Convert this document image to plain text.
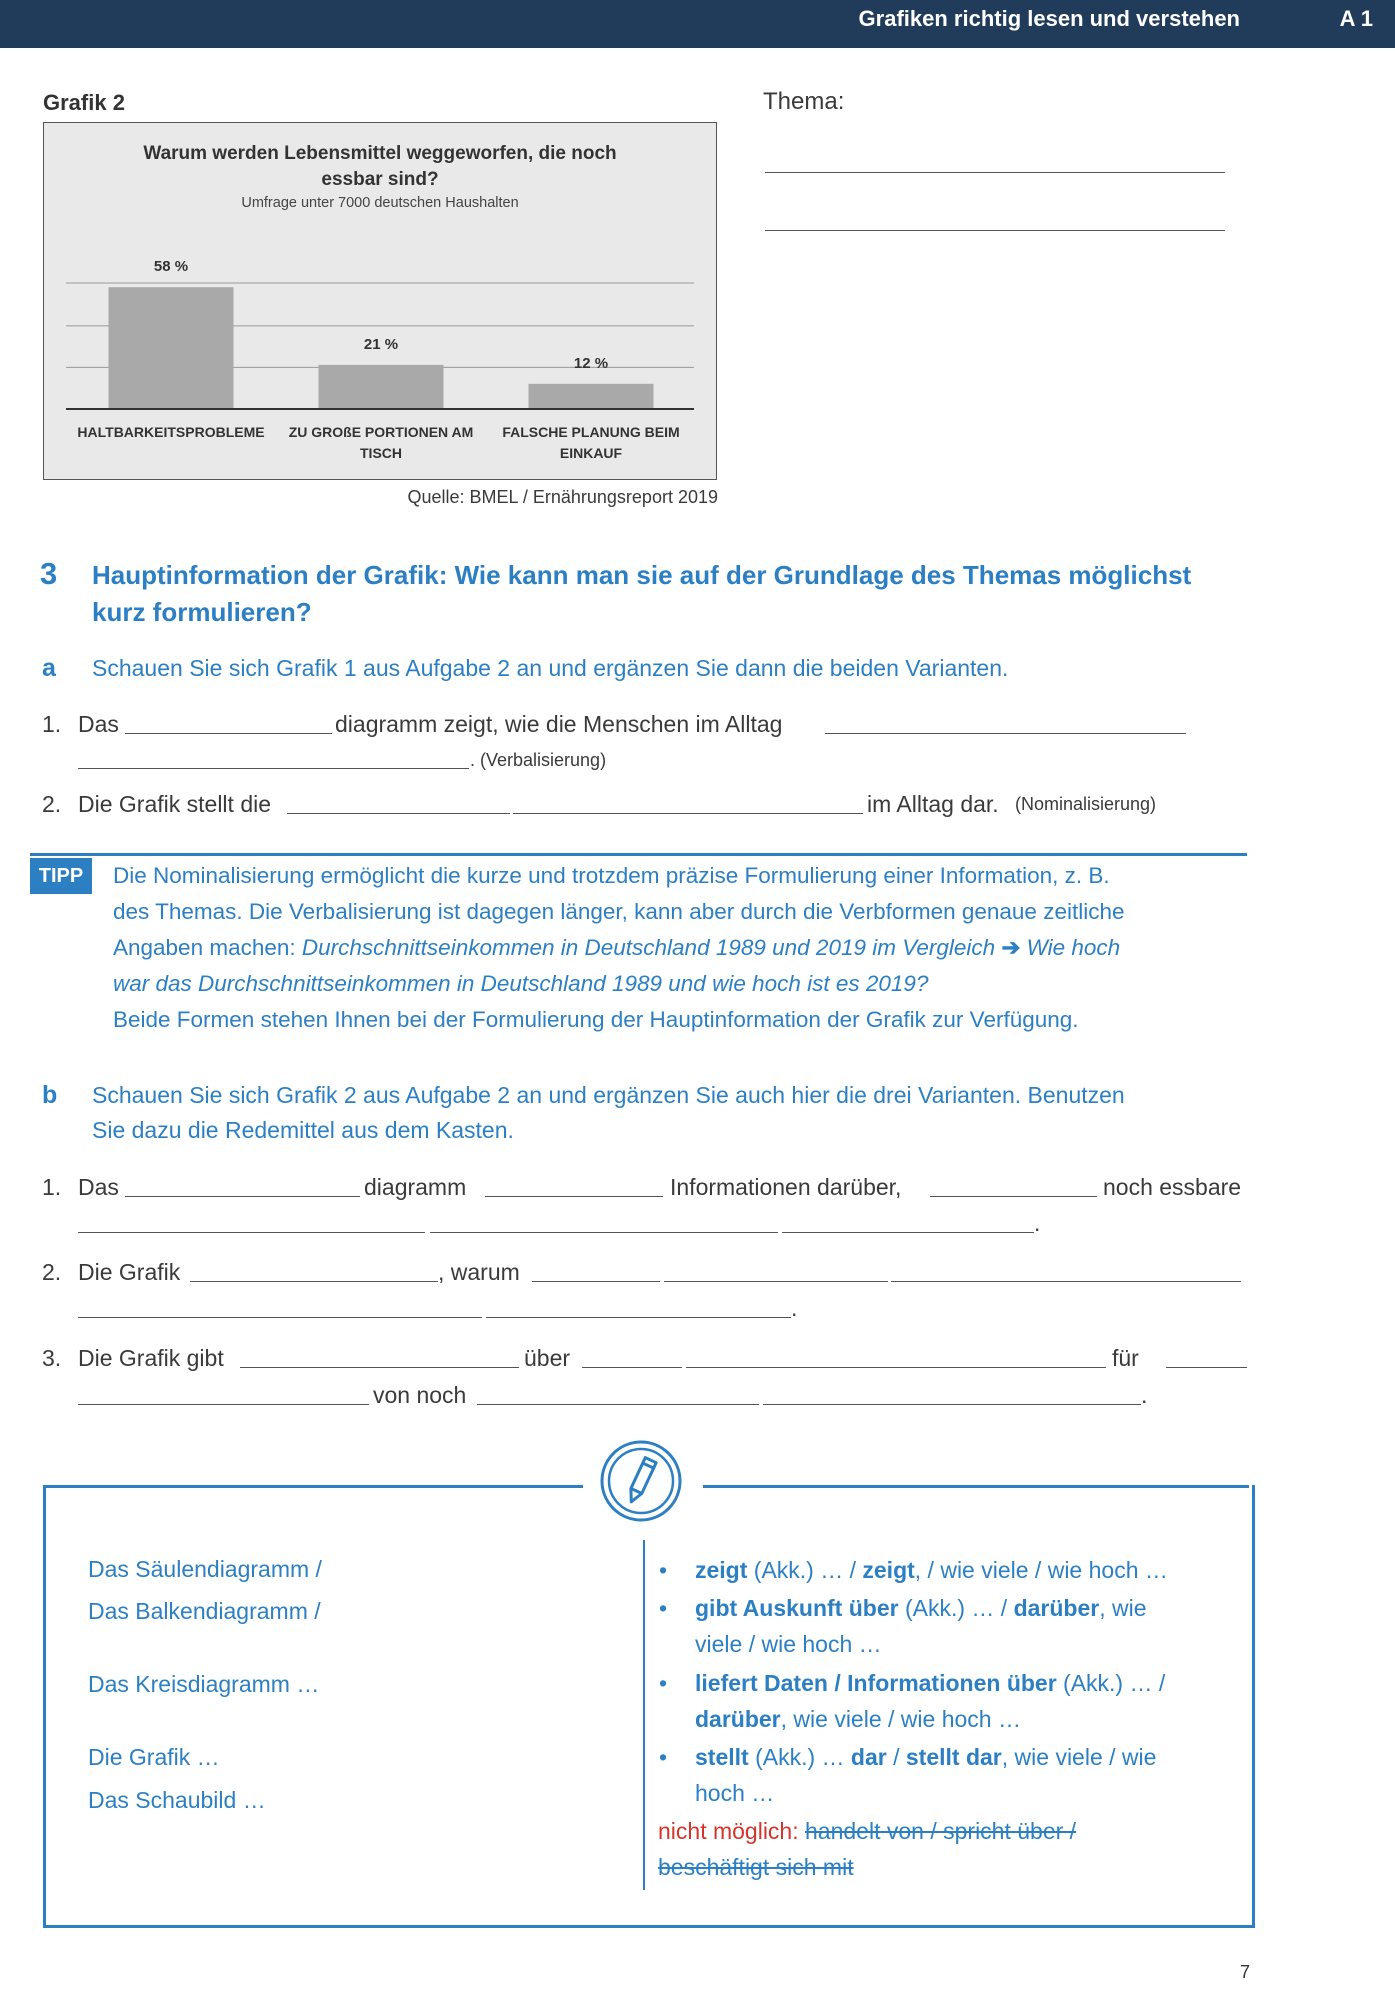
Grafiken richtig lesen und verstehen	A 1
Grafik 2	Thema:
Warum werden Lebensmittel weggeworfen, die noch
essbar sind?
Umfrage unter 7000 deutschen Haushalten
58 %
HALTBARKEITSPROBLEME
21 %
ZU GROßE PORTIONEN AM
TISCH
12 %
FALSCHE PLANUNG BEIM
EINKAUF
Quelle: BMEL / Ernährungsreport 2019
3 Hauptinformation der Grafik: Wie kann man sie auf der Grundlage des Themas möglichst
kurz formulieren?
a Schauen Sie sich Grafik 1 aus Aufgabe 2 an und ergänzen Sie dann die beiden Varianten.
1. Das	diagramm zeigt, wie die Menschen im Alltag
. (Verbalisierung)
2. Die Grafik stellt die	im Alltag dar. (Nominalisierung)
TIPP	Die Nominalisierung ermöglicht die kurze und trotzdem präzise Formulierung einer Information, z. B.
des Themas. Die Verbalisierung ist dagegen länger, kann aber durch die Verbformen genaue zeitliche
Angaben machen: Durchschnittseinkommen in Deutschland 1989 und 2019 im Vergleich ➔ Wie hoch
war das Durchschnittseinkommen in Deutschland 1989 und wie hoch ist es 2019?
Beide Formen stehen Ihnen bei der Formulierung der Hauptinformation der Grafik zur Verfügung.
b Schauen Sie sich Grafik 2 aus Aufgabe 2 an und ergänzen Sie auch hier die drei Varianten. Benutzen
Sie dazu die Redemittel aus dem Kasten.
1. Das	diagramm	Informationen darüber,	noch essbare
.
2. Die Grafik	, warum
.
3. Die Grafik gibt	über	für
von noch	.
Das Säulendiagramm /
Das Balkendiagramm /
Das Kreisdiagramm …
Die Grafik …
Das Schaubild …
• zeigt (Akk.) … / zeigt, / wie viele / wie hoch …
• gibt Auskunft über (Akk.) … / darüber, wie
viele / wie hoch …
• liefert Daten / Informationen über (Akk.) … /
darüber, wie viele / wie hoch …
• stellt (Akk.) … dar / stellt dar, wie viele / wie
hoch …
nicht möglich: handelt von / spricht über /
beschäftigt sich mit
7
